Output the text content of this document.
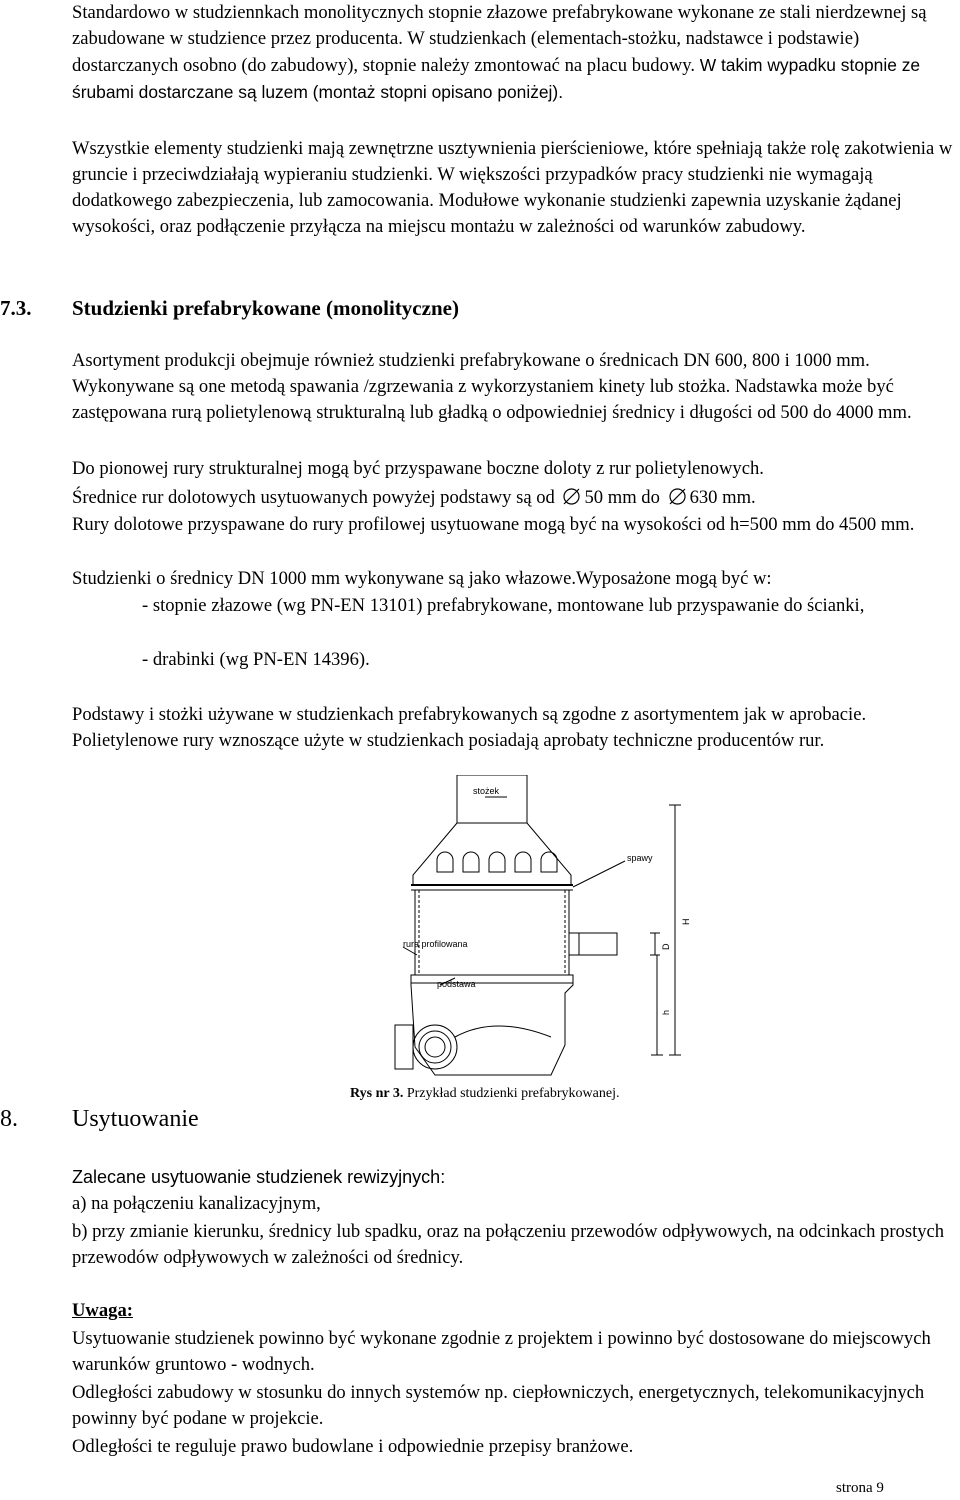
Standardowo w studziennkach monolitycznych stopnie złazowe prefabrykowane wykonane ze stali nierdzewnej są zabudowane w studzience przez producenta. W studzienkach (elementach-stożku, nadstawce i podstawie) dostarczanych osobno (do zabudowy), stopnie należy zmontować na placu budowy. W takim wypadku stopnie ze śrubami dostarczane są luzem (montaż stopni opisano poniżej).

Wszystkie elementy studzienki mają zewnętrzne usztywnienia pierścieniowe, które spełniają także rolę zakotwienia w gruncie i przeciwdziałają wypieraniu studzienki. W większości przypadków pracy studzienki nie wymagają dodatkowego zabezpieczenia, lub zamocowania. Modułowe wykonanie studzienki zapewnia uzyskanie żądanej wysokości, oraz podłączenie przyłącza na miejscu montażu w zależności od warunków zabudowy.

7.3. Studzienki prefabrykowane (monolityczne)

Asortyment produkcji obejmuje również studzienki prefabrykowane o średnicach DN 600, 800 i 1000 mm. Wykonywane są one metodą spawania /zgrzewania z wykorzystaniem kinety lub stożka. Nadstawka może być zastępowana rurą polietylenową strukturalną lub gładką o odpowiedniej średnicy i długości od 500 do 4000 mm.

Do pionowej rury strukturalnej mogą być przyspawane boczne doloty z rur polietylenowych.

Średnice rur dolotowych usytuowanych powyżej podstawy są od 50 mm do 630 mm.

Rury dolotowe przyspawane do rury profilowej usytuowane mogą być na wysokości od h=500 mm do 4500 mm.

Studzienki o średnicy DN 1000 mm wykonywane są jako włazowe.Wyposażone mogą być w:

- stopnie złazowe (wg PN-EN 13101) prefabrykowane, montowane lub przyspawanie do ścianki,

- drabinki (wg PN-EN 14396).

Podstawy i stożki używane w studzienkach prefabrykowanych są zgodne z asortymentem jak w aprobacie. Polietylenowe rury wznoszące użyte w studzienkach posiadają aprobaty techniczne producentów rur.

stożek
spawy
rura profilowana
podstawa
H
D
h
Rys nr 3. Przykład studzienki prefabrykowanej.
8. Usytuowanie

Zalecane usytuowanie studzienek rewizyjnych:

a) na połączeniu kanalizacyjnym,

b) przy zmianie kierunku, średnicy lub spadku, oraz na połączeniu przewodów odpływowych, na odcinkach prostych przewodów odpływowych w zależności od średnicy.

Uwaga:

Usytuowanie studzienek powinno być wykonane zgodnie z projektem i powinno być dostosowane do miejscowych warunków gruntowo - wodnych.

Odległości zabudowy w stosunku do innych systemów np. ciepłowniczych, energetycznych, telekomunikacyjnych powinny być podane w projekcie.

Odległości te reguluje prawo budowlane i odpowiednie przepisy branżowe.

strona 9
